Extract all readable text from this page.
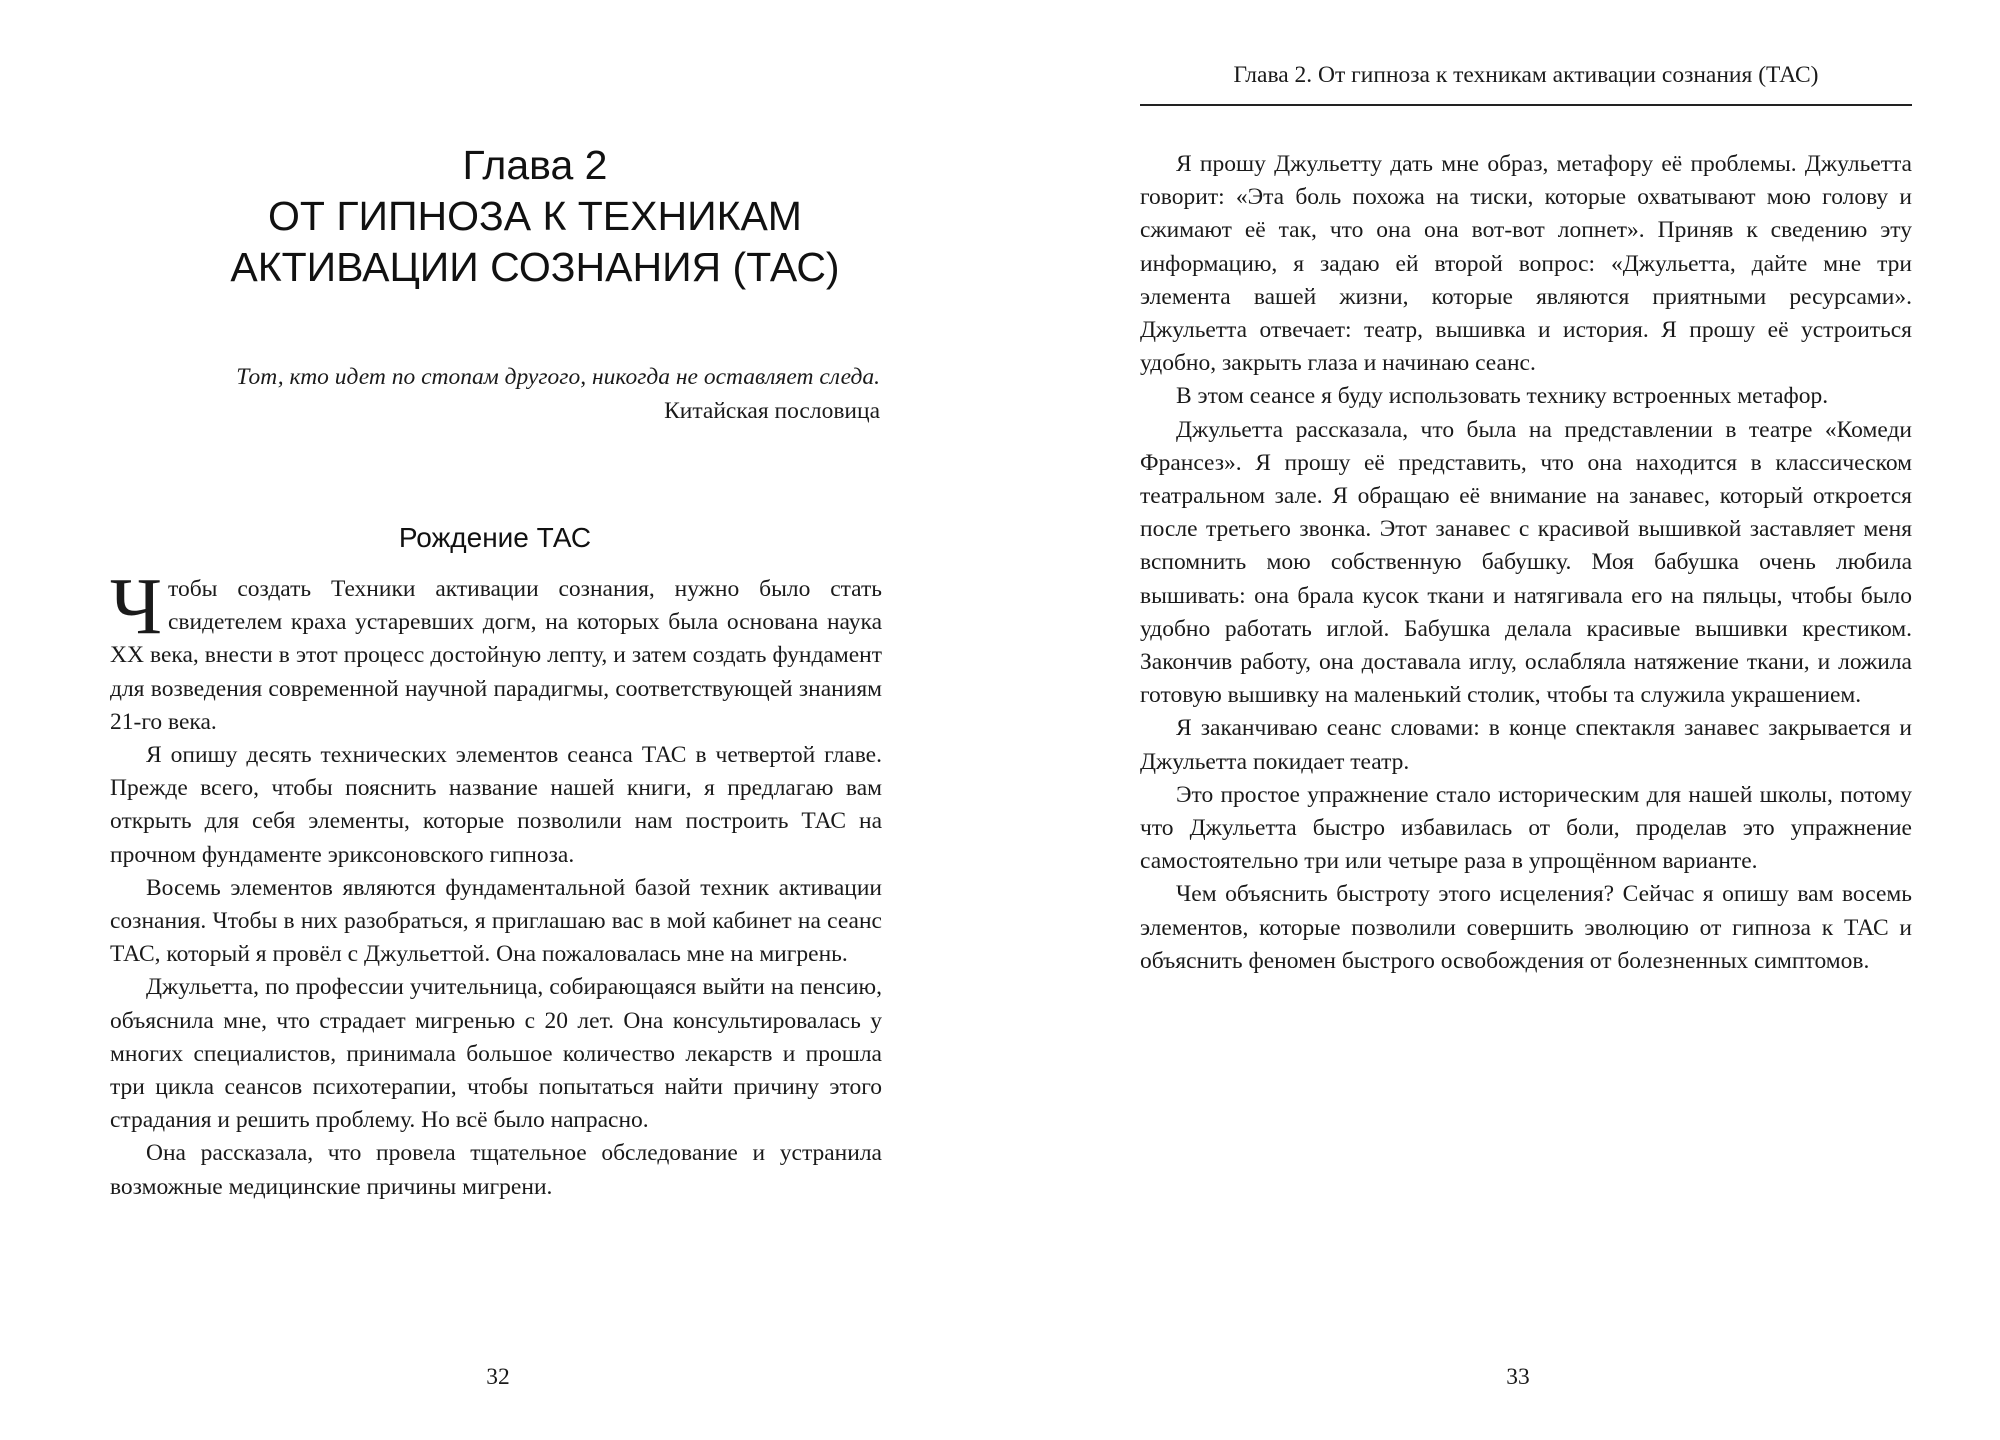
Глава 2
ОТ ГИПНОЗА К ТЕХНИКАМ
АКТИВАЦИИ СОЗНАНИЯ (ТАС)
Тот, кто идет по стопам другого, никогда не оставляет следа.
Китайская пословица
Рождение ТАС

Чтобы создать Техники активации сознания, нужно было стать свидетелем краха устаревших догм, на которых была основана наука XX века, внести в этот процесс достойную лепту, и затем создать фундамент для возведения современной научной парадигмы, соответствующей знаниям 21-го века.

Я опишу десять технических элементов сеанса ТАС в четвертой главе. Прежде всего, чтобы пояснить название нашей книги, я предлагаю вам открыть для себя элементы, которые позволили нам построить ТАС на прочном фундаменте эриксоновского гипноза.

Восемь элементов являются фундаментальной базой техник активации сознания. Чтобы в них разобраться, я приглашаю вас в мой кабинет на сеанс ТАС, который я провёл с Джульеттой. Она пожаловалась мне на мигрень.

Джульетта, по профессии учительница, собирающаяся выйти на пенсию, объяснила мне, что страдает мигренью с 20 лет. Она консультировалась у многих специалистов, принимала большое количество лекарств и прошла три цикла сеансов психотерапии, чтобы попытаться найти причину этого страдания и решить проблему. Но всё было напрасно.

Она рассказала, что провела тщательное обследование и устранила возможные медицинские причины мигрени.

32
Глава 2. От гипноза к техникам активации сознания (ТАС)

Я прошу Джульетту дать мне образ, метафору её проблемы. Джульетта говорит: «Эта боль похожа на тиски, которые охватывают мою голову и сжимают её так, что она она вот-вот лопнет». Приняв к сведению эту информацию, я задаю ей второй вопрос: «Джульетта, дайте мне три элемента вашей жизни, которые являются приятными ресурсами». Джульетта отвечает: театр, вышивка и история. Я прошу её устроиться удобно, закрыть глаза и начинаю сеанс.

В этом сеансе я буду использовать технику встроенных метафор.

Джульетта рассказала, что была на представлении в театре «Комеди Франсез». Я прошу её представить, что она находится в классическом театральном зале. Я обращаю её внимание на занавес, который откроется после третьего звонка. Этот занавес с красивой вышивкой заставляет меня вспомнить мою собственную бабушку. Моя бабушка очень любила вышивать: она брала кусок ткани и натягивала его на пяльцы, чтобы было удобно работать иглой. Бабушка делала красивые вышивки крестиком. Закончив работу, она доставала иглу, ослабляла натяжение ткани, и ложила готовую вышивку на маленький столик, чтобы та служила украшением.

Я заканчиваю сеанс словами: в конце спектакля занавес закрывается и Джульетта покидает театр.

Это простое упражнение стало историческим для нашей школы, потому что Джульетта быстро избавилась от боли, проделав это упражнение самостоятельно три или четыре раза в упрощённом варианте.

Чем объяснить быстроту этого исцеления? Сейчас я опишу вам восемь элементов, которые позволили совершить эволюцию от гипноза к ТАС и объяснить феномен быстрого освобождения от болезненных симптомов.

33
